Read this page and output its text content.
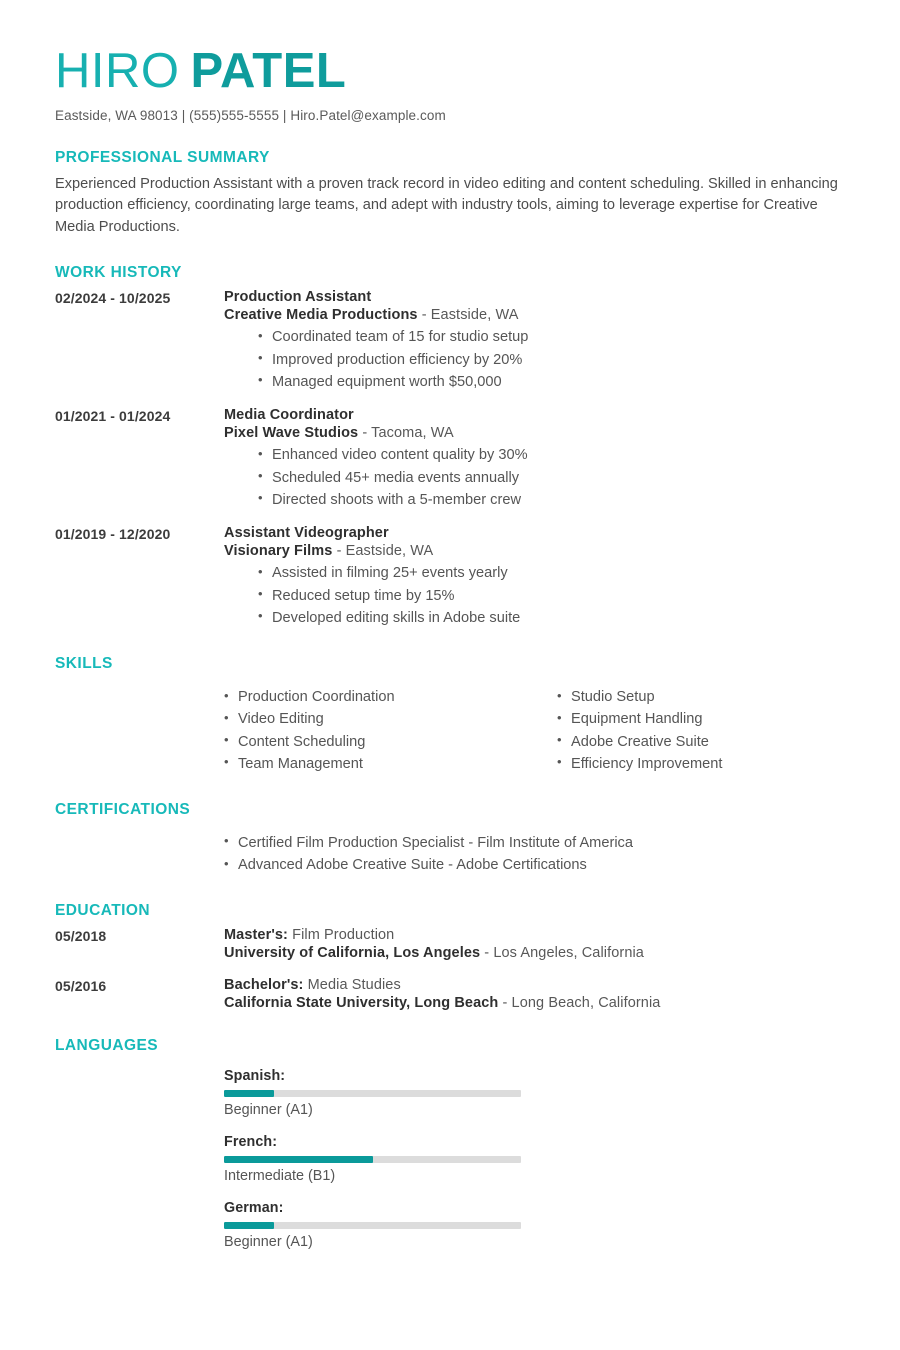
HIRO PATEL
Eastside, WA 98013 | (555)555-5555 | Hiro.Patel@example.com
PROFESSIONAL SUMMARY
Experienced Production Assistant with a proven track record in video editing and content scheduling. Skilled in enhancing production efficiency, coordinating large teams, and adept with industry tools, aiming to leverage expertise for Creative Media Productions.
WORK HISTORY
02/2024 - 10/2025	Production Assistant
Creative Media Productions - Eastside, WA
• Coordinated team of 15 for studio setup
• Improved production efficiency by 20%
• Managed equipment worth $50,000
01/2021 - 01/2024	Media Coordinator
Pixel Wave Studios - Tacoma, WA
• Enhanced video content quality by 30%
• Scheduled 45+ media events annually
• Directed shoots with a 5-member crew
01/2019 - 12/2020	Assistant Videographer
Visionary Films - Eastside, WA
• Assisted in filming 25+ events yearly
• Reduced setup time by 15%
• Developed editing skills in Adobe suite
SKILLS
• Production Coordination
• Video Editing
• Content Scheduling
• Team Management
• Studio Setup
• Equipment Handling
• Adobe Creative Suite
• Efficiency Improvement
CERTIFICATIONS
• Certified Film Production Specialist - Film Institute of America
• Advanced Adobe Creative Suite - Adobe Certifications
EDUCATION
05/2018	Master's: Film Production
University of California, Los Angeles - Los Angeles, California
05/2016	Bachelor's: Media Studies
California State University, Long Beach - Long Beach, California
LANGUAGES
Spanish:
Beginner (A1)
French:
Intermediate (B1)
German:
Beginner (A1)
